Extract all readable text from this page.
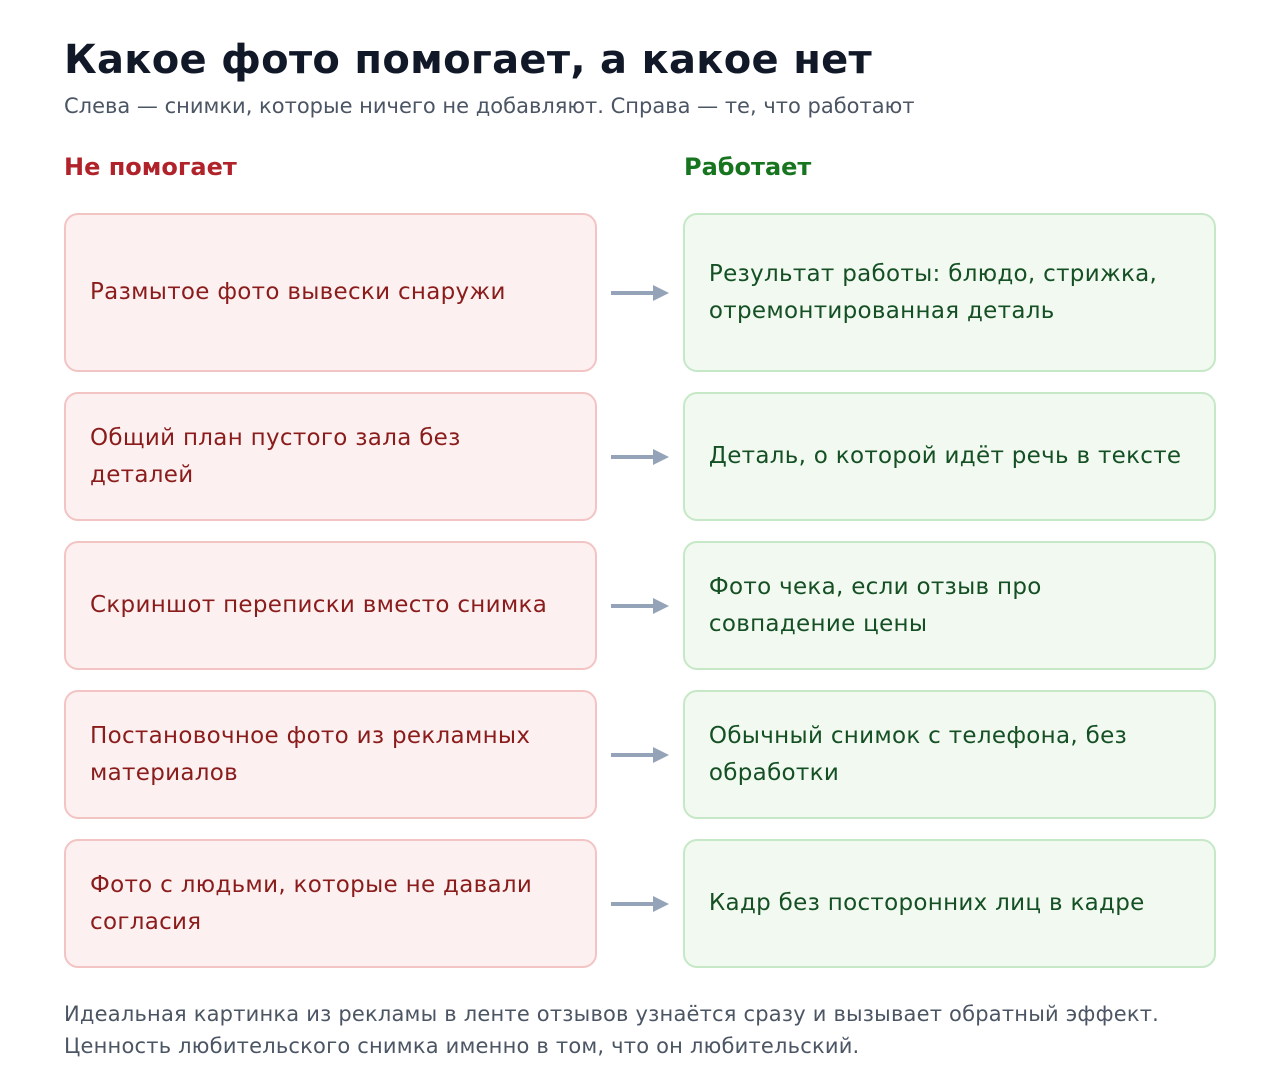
Какое фото помогает, а какое нет
Слева — снимки, которые ничего не добавляют. Справа — те, что работают
Не помогает	Работает
Размытое фото вывески снаружи
Результат работы: блюдо, стрижка, отремонтированная деталь
Общий план пустого зала без деталей
Деталь, о которой идёт речь в тексте
Скриншот переписки вместо снимка
Фото чека, если отзыв про совпадение цены
Постановочное фото из рекламных материалов
Обычный снимок с телефона, без обработки
Фото с людьми, которые не давали согласия
Кадр без посторонних лиц в кадре
Идеальная картинка из рекламы в ленте отзывов узнаётся сразу и вызывает обратный эффект. Ценность любительского снимка именно в том, что он любительский.
